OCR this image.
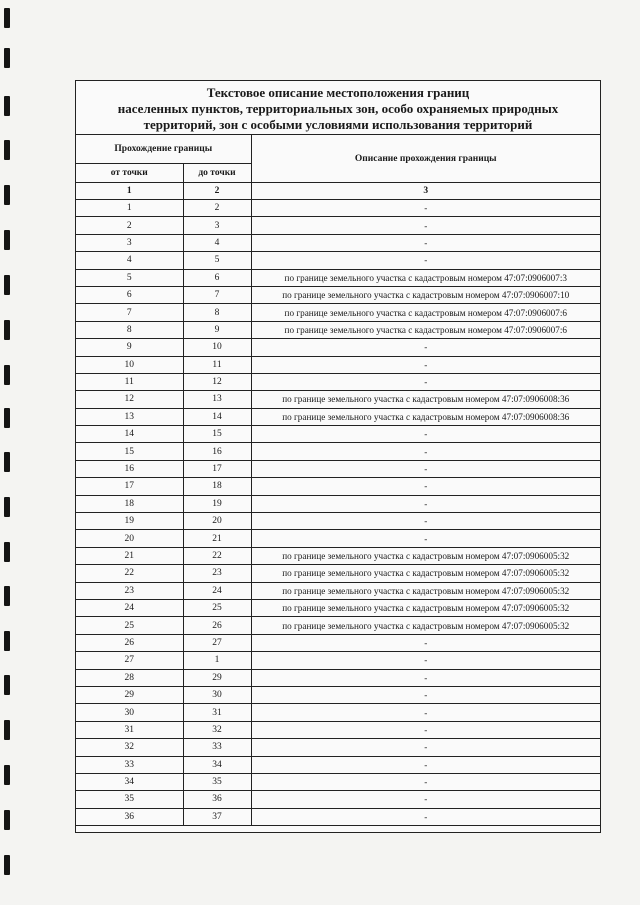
Текстовое описание местоположения границ
населенных пунктов, территориальных зон, особо охраняемых природных
территорий, зон с особыми условиями использования территорий
Прохождение границы		Описание прохождения границы
от точки	до точки	
1	2	3
1	2	-
2	3	-
3	4	-
4	5	-
5	6	по границе земельного участка с кадастровым номером 47:07:0906007:3
6	7	по границе земельного участка с кадастровым номером 47:07:0906007:10
7	8	по границе земельного участка с кадастровым номером 47:07:0906007:6
8	9	по границе земельного участка с кадастровым номером 47:07:0906007:6
9	10	-
10	11	-
11	12	-
12	13	по границе земельного участка с кадастровым номером 47:07:0906008:36
13	14	по границе земельного участка с кадастровым номером 47:07:0906008:36
14	15	-
15	16	-
16	17	-
17	18	-
18	19	-
19	20	-
20	21	-
21	22	по границе земельного участка с кадастровым номером 47:07:0906005:32
22	23	по границе земельного участка с кадастровым номером 47:07:0906005:32
23	24	по границе земельного участка с кадастровым номером 47:07:0906005:32
24	25	по границе земельного участка с кадастровым номером 47:07:0906005:32
25	26	по границе земельного участка с кадастровым номером 47:07:0906005:32
26	27	-
27	1	-
28	29	-
29	30	-
30	31	-
31	32	-
32	33	-
33	34	-
34	35	-
35	36	-
36	37	-
